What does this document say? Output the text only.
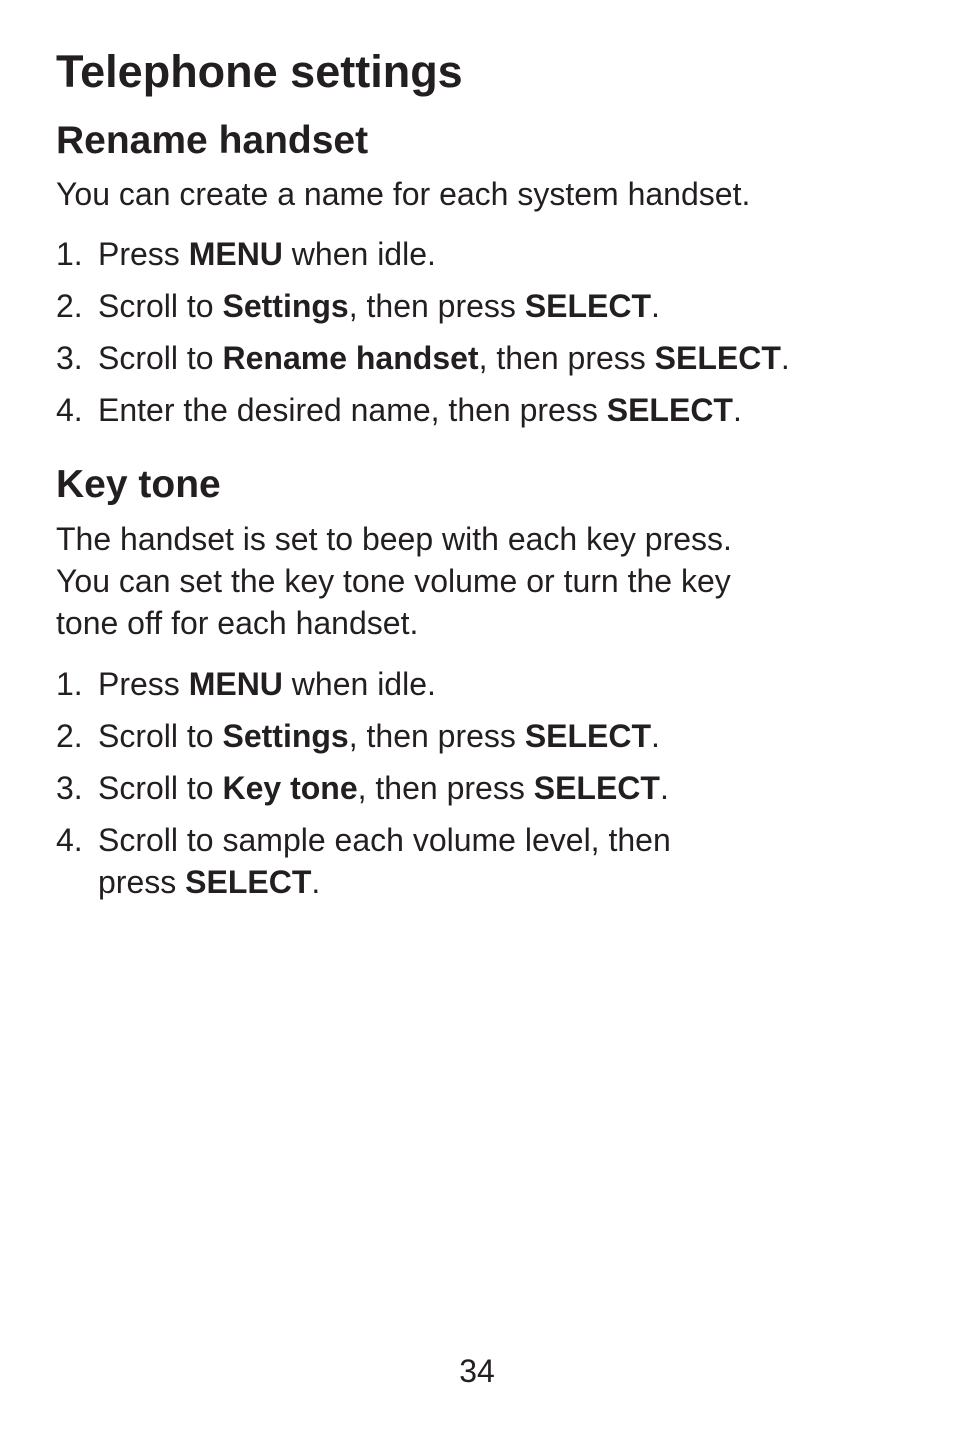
Telephone settings
Rename handset

You can create a name for each system handset.

1. Press MENU when idle.
2. Scroll to Settings, then press SELECT.
3. Scroll to Rename handset, then press SELECT.
4. Enter the desired name, then press SELECT.
Key tone

The handset is set to beep with each key press.
You can set the key tone volume or turn the key
tone off for each handset.

1. Press MENU when idle.
2. Scroll to Settings, then press SELECT.
3. Scroll to Key tone, then press SELECT.
4. Scroll to sample each volume level, then
press SELECT.
34
